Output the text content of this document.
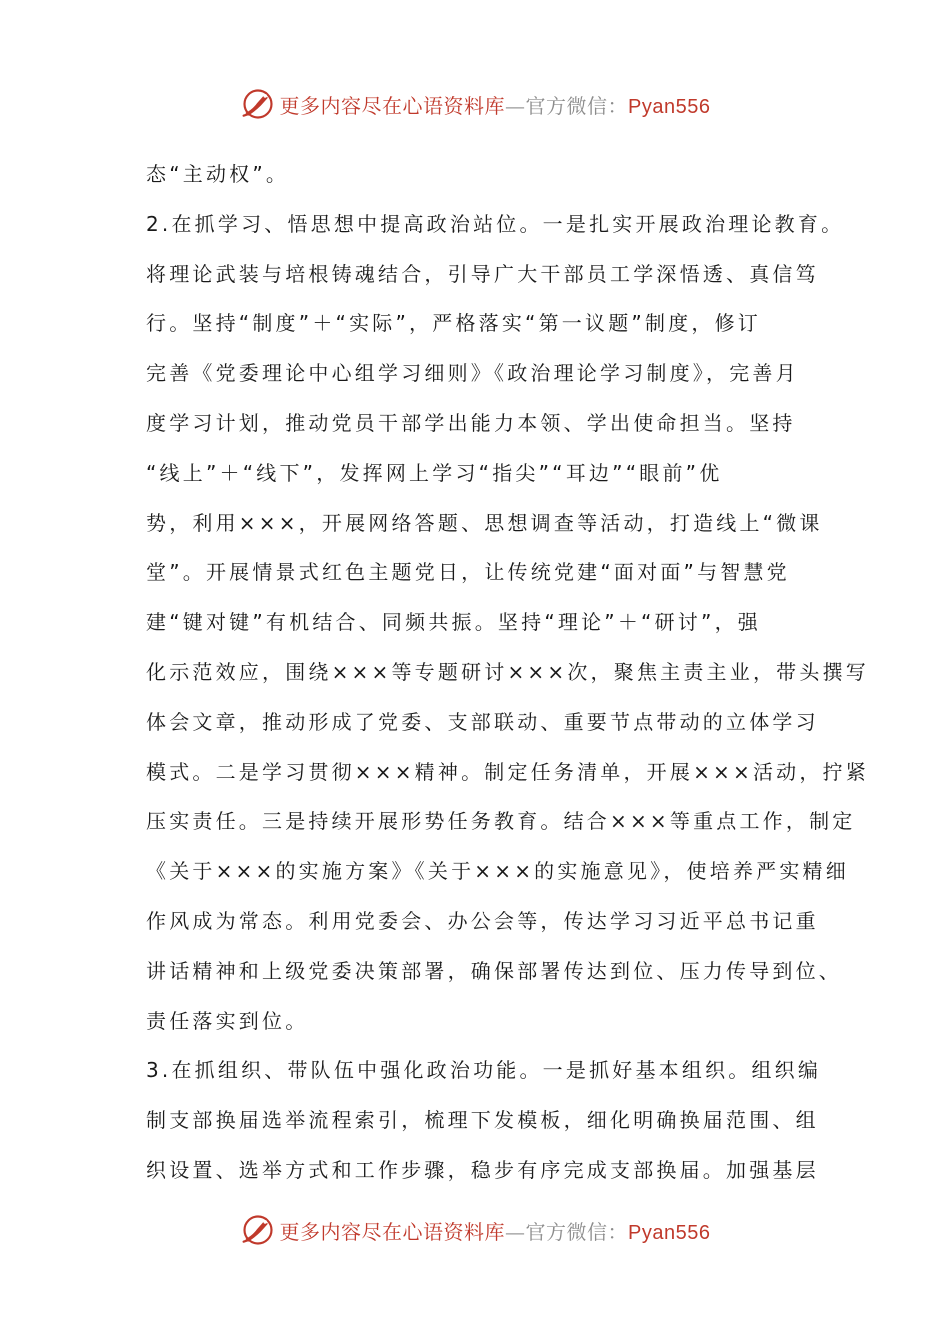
更多内容尽在心语资料库—官方微信：Pyan556
态“主动权”。
2.在抓学习、悟思想中提高政治站位。一是扎实开展政治理论教育。
将理论武装与培根铸魂结合，引导广大干部员工学深悟透、真信笃
行。坚持“制度”＋“实际”，严格落实“第一议题”制度，修订
完善《党委理论中心组学习细则》《政治理论学习制度》，完善月
度学习计划，推动党员干部学出能力本领、学出使命担当。坚持
“线上”＋“线下”，发挥网上学习“指尖”“耳边”“眼前”优
势，利用×××，开展网络答题、思想调查等活动，打造线上“微课
堂”。开展情景式红色主题党日，让传统党建“面对面”与智慧党
建“键对键”有机结合、同频共振。坚持“理论”＋“研讨”，强
化示范效应，围绕×××等专题研讨×××次，聚焦主责主业，带头撰写
体会文章，推动形成了党委、支部联动、重要节点带动的立体学习
模式。二是学习贯彻×××精神。制定任务清单，开展×××活动，拧紧
压实责任。三是持续开展形势任务教育。结合×××等重点工作，制定
《关于×××的实施方案》《关于×××的实施意见》，使培养严实精细
作风成为常态。利用党委会、办公会等，传达学习习近平总书记重
讲话精神和上级党委决策部署，确保部署传达到位、压力传导到位、
责任落实到位。
3.在抓组织、带队伍中强化政治功能。一是抓好基本组织。组织编
制支部换届选举流程索引，梳理下发模板，细化明确换届范围、组
织设置、选举方式和工作步骤，稳步有序完成支部换届。加强基层
更多内容尽在心语资料库—官方微信：Pyan556
